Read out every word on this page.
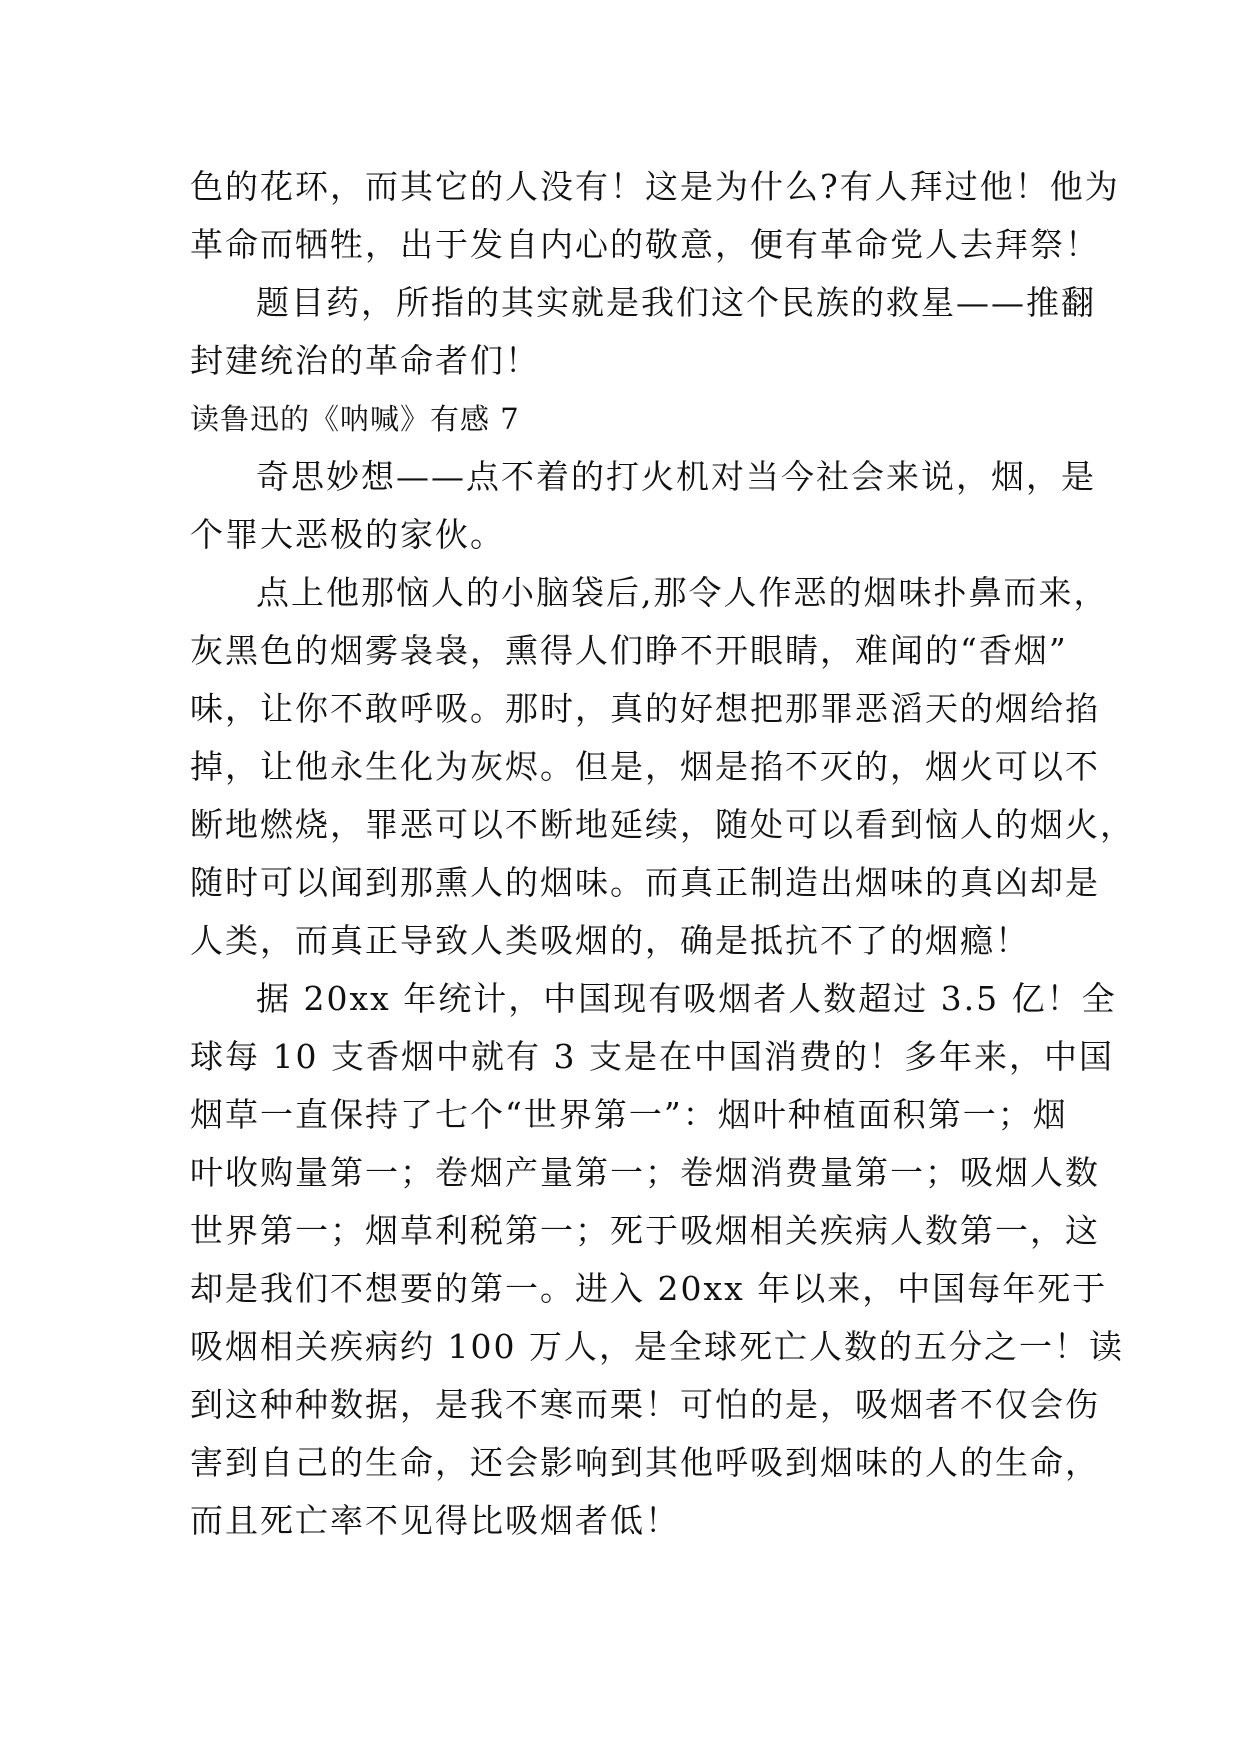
色的花环，而其它的人没有！这是为什么?有人拜过他！他为

革命而牺牲，出于发自内心的敬意，便有革命党人去拜祭！

题目药，所指的其实就是我们这个民族的救星——推翻

封建统治的革命者们！

读鲁迅的《呐喊》有感 7

奇思妙想——点不着的打火机对当今社会来说，烟，是

个罪大恶极的家伙。

点上他那恼人的小脑袋后,那令人作恶的烟味扑鼻而来，

灰黑色的烟雾袅袅，熏得人们睁不开眼睛，难闻的“香烟”

味，让你不敢呼吸。那时，真的好想把那罪恶滔天的烟给掐

掉，让他永生化为灰烬。但是，烟是掐不灭的，烟火可以不

断地燃烧，罪恶可以不断地延续，随处可以看到恼人的烟火，

随时可以闻到那熏人的烟味。而真正制造出烟味的真凶却是

人类，而真正导致人类吸烟的，确是抵抗不了的烟瘾！

据 20xx 年统计，中国现有吸烟者人数超过 3.5 亿！全

球每 10 支香烟中就有 3 支是在中国消费的！多年来，中国

烟草一直保持了七个“世界第一”：烟叶种植面积第一；烟

叶收购量第一；卷烟产量第一；卷烟消费量第一；吸烟人数

世界第一；烟草利税第一；死于吸烟相关疾病人数第一，这

却是我们不想要的第一。进入 20xx 年以来，中国每年死于

吸烟相关疾病约 100 万人，是全球死亡人数的五分之一！读

到这种种数据，是我不寒而栗！可怕的是，吸烟者不仅会伤

害到自己的生命，还会影响到其他呼吸到烟味的人的生命，

而且死亡率不见得比吸烟者低！
